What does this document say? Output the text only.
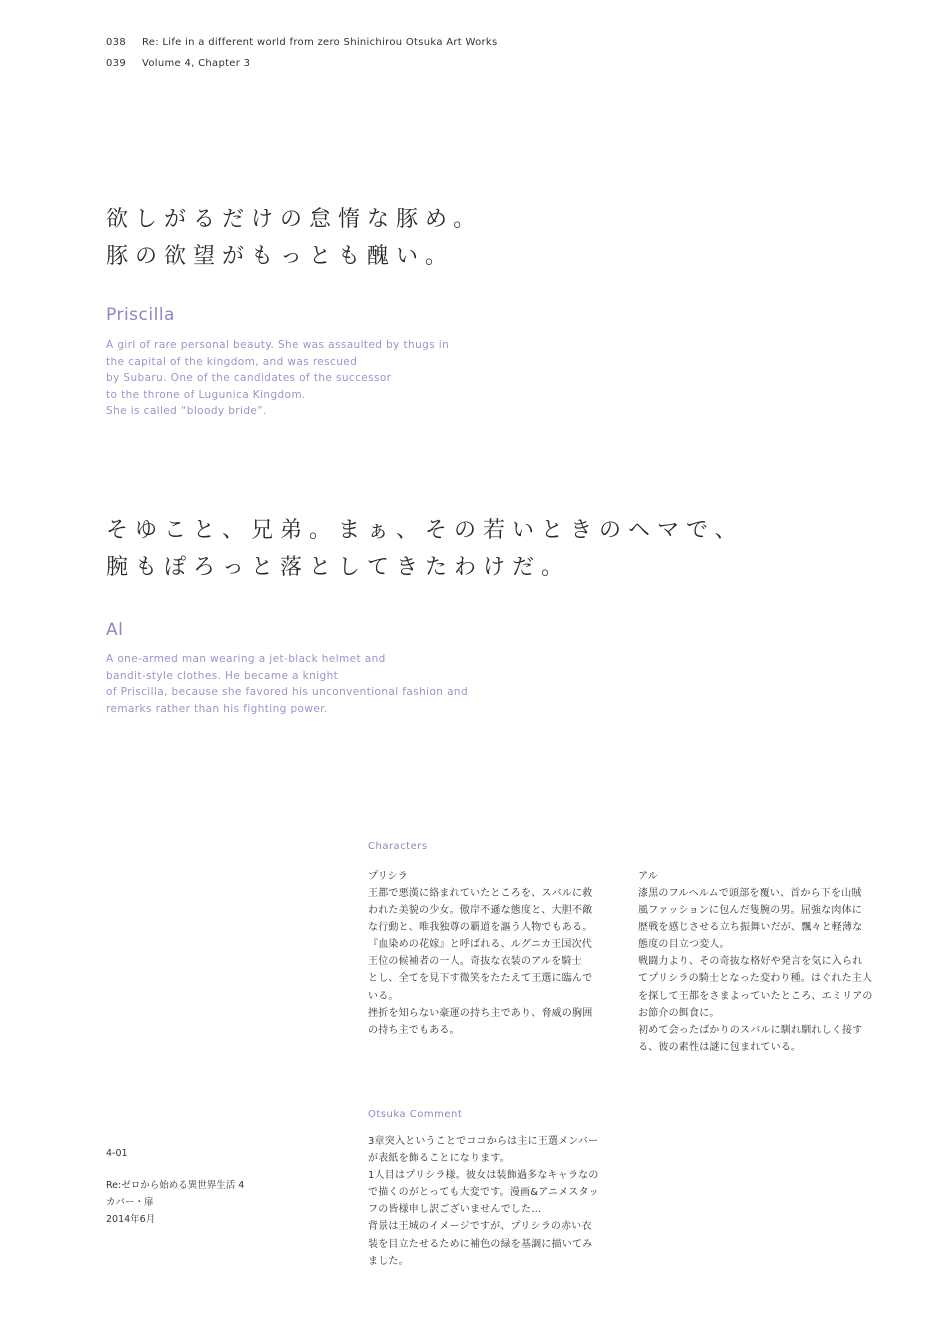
038 Re: Life in a different world from zero Shinichirou Otsuka Art Works
039 Volume 4, Chapter 3
欲しがるだけの怠惰な豚め。
豚の欲望がもっとも醜い。
Priscilla
A girl of rare personal beauty. She was assaulted by thugs in
the capital of the kingdom, and was rescued
by Subaru. One of the candidates of the successor
to the throne of Lugunica Kingdom.
She is called “bloody bride”.
そゆこと、兄弟。まぁ、その若いときのヘマで、
腕もぽろっと落としてきたわけだ。
Al
A one-armed man wearing a jet-black helmet and
bandit-style clothes. He became a knight
of Priscilla, because she favored his unconventional fashion and
remarks rather than his fighting power.
Characters
プリシラ
王都で悪漢に絡まれていたところを、スバルに救
われた美貌の少女。傲岸不遜な態度と、大胆不敵
な行動と、唯我独尊の覇道を謳う人物でもある。
『血染めの花嫁』と呼ばれる、ルグニカ王国次代
王位の候補者の一人。奇抜な衣装のアルを騎士
とし、全てを見下す微笑をたたえて王選に臨んで
いる。
挫折を知らない豪運の持ち主であり、脅威の胸囲
の持ち主でもある。
アル
漆黒のフルヘルムで頭部を覆い、首から下を山賊
風ファッションに包んだ隻腕の男。屈強な肉体に
歴戦を感じさせる立ち振舞いだが、飄々と軽薄な
態度の目立つ変人。
戦闘力より、その奇抜な格好や発言を気に入られ
てプリシラの騎士となった変わり種。はぐれた主人
を探して王都をさまよっていたところ、エミリアの
お節介の餌食に。
初めて会ったばかりのスバルに馴れ馴れしく接す
る、彼の素性は謎に包まれている。
Otsuka Comment
3章突入ということでココからは主に王選メンバー
が表紙を飾ることになります。
1人目はプリシラ様。彼女は装飾過多なキャラなの
で描くのがとっても大変です。漫画&アニメスタッ
フの皆様申し訳ございませんでした…
背景は王城のイメージですが、プリシラの赤い衣
装を目立たせるために補色の緑を基調に描いてみ
ました。
4-01
Re:ゼロから始める異世界生活 4
カバー・扉
2014年6月
